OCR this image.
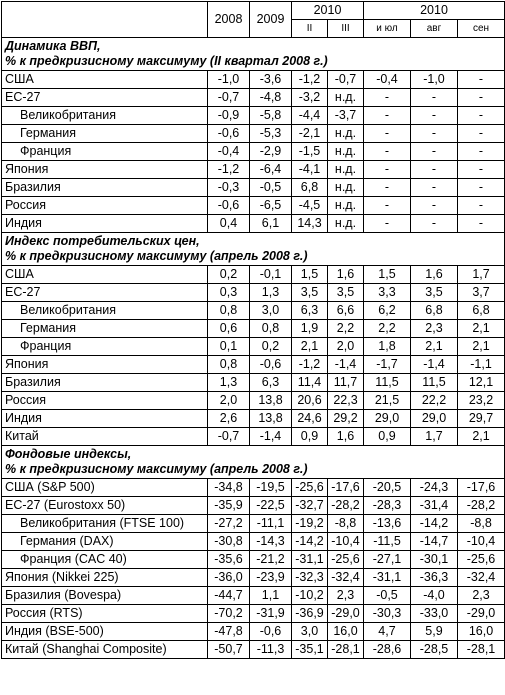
	2008	2009	2010		2010		
			II	III	и юл	авг	сен

Динамика ВВП,
% к предкризисному максимуму (II квартал 2008 г.)							

США	-1,0	-3,6	-1,2	-0,7	-0,4	-1,0	-
ЕС-27	-0,7	-4,8	-3,2	н.д.	-	-	-
Великобритания	-0,9	-5,8	-4,4	-3,7	-	-	-
Германия	-0,6	-5,3	-2,1	н.д.	-	-	-
Франция	-0,4	-2,9	-1,5	н.д.	-	-	-
Япония	-1,2	-6,4	-4,1	н.д.	-	-	-
Бразилия	-0,3	-0,5	6,8	н.д.	-	-	-
Россия	-0,6	-6,5	-4,5	н.д.	-	-	-
Индия	0,4	6,1	14,3	н.д.	-	-	-

Индекс потребительских цен,
% к предкризисному максимуму (апрель 2008 г.)							

США	0,2	-0,1	1,5	1,6	1,5	1,6	1,7
ЕС-27	0,3	1,3	3,5	3,5	3,3	3,5	3,7
Великобритания	0,8	3,0	6,3	6,6	6,2	6,8	6,8
Германия	0,6	0,8	1,9	2,2	2,2	2,3	2,1
Франция	0,1	0,2	2,1	2,0	1,8	2,1	2,1
Япония	0,8	-0,6	-1,2	-1,4	-1,7	-1,4	-1,1
Бразилия	1,3	6,3	11,4	11,7	11,5	11,5	12,1
Россия	2,0	13,8	20,6	22,3	21,5	22,2	23,2
Индия	2,6	13,8	24,6	29,2	29,0	29,0	29,7
Китай	-0,7	-1,4	0,9	1,6	0,9	1,7	2,1

Фондовые индексы,
% к предкризисному максимуму (апрель 2008 г.)							

США (S&P 500)	-34,8	-19,5	-25,6	-17,6	-20,5	-24,3	-17,6
ЕС-27 (Eurostoxx 50)	-35,9	-22,5	-32,7	-28,2	-28,3	-31,4	-28,2
Великобритания (FTSE 100)	-27,2	-11,1	-19,2	-8,8	-13,6	-14,2	-8,8
Германия (DAX)	-30,8	-14,3	-14,2	-10,4	-11,5	-14,7	-10,4
Франция (CAC 40)	-35,6	-21,2	-31,1	-25,6	-27,1	-30,1	-25,6
Япония (Nikkei 225)	-36,0	-23,9	-32,3	-32,4	-31,1	-36,3	-32,4
Бразилия (Bovespa)	-44,7	1,1	-10,2	2,3	-0,5	-4,0	2,3
Россия (RTS)	-70,2	-31,9	-36,9	-29,0	-30,3	-33,0	-29,0
Индия (BSE-500)	-47,8	-0,6	3,0	16,0	4,7	5,9	16,0
Китай (Shanghai Composite)	-50,7	-11,3	-35,1	-28,1	-28,6	-28,5	-28,1
